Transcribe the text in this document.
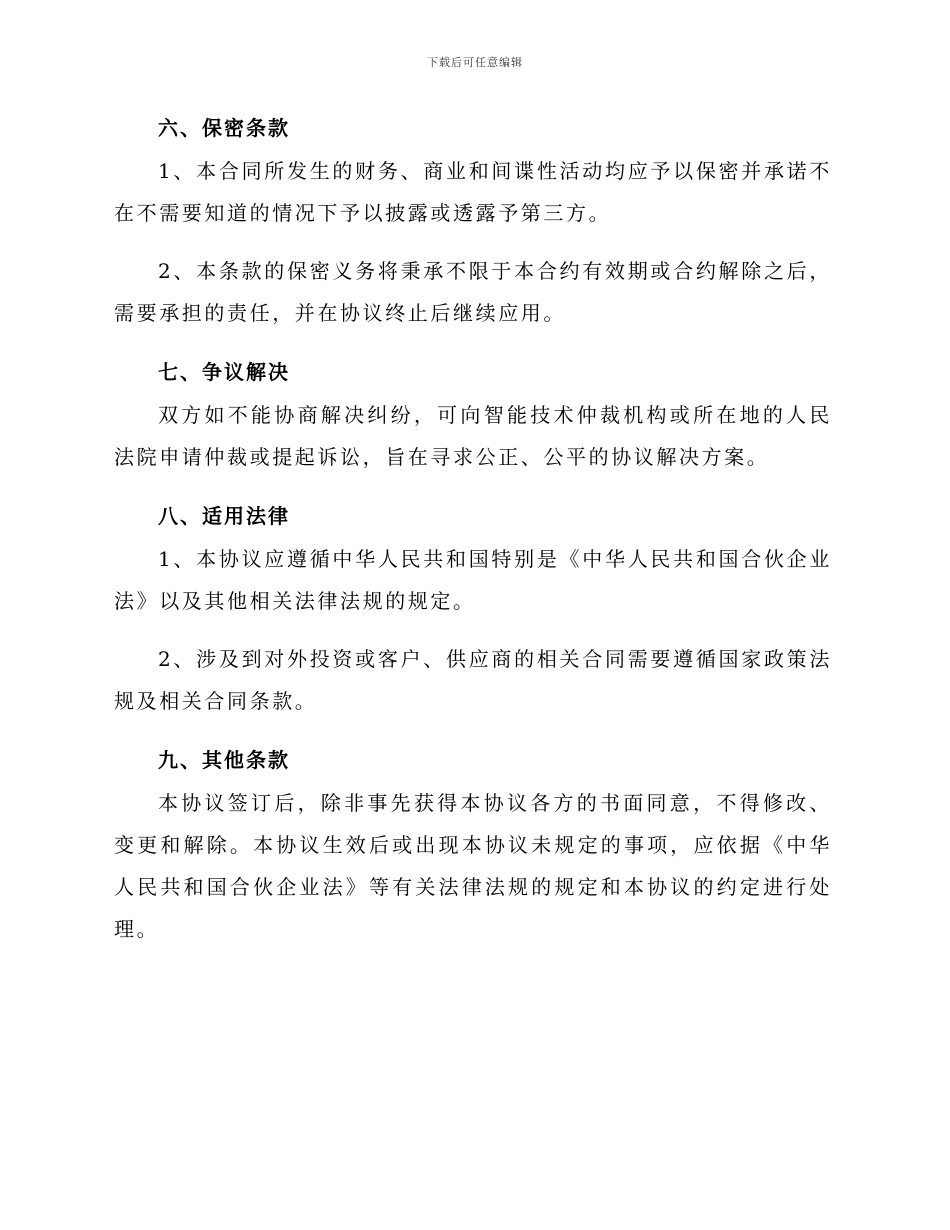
下载后可任意编辑
六、保密条款

1、本合同所发生的财务、商业和间谍性活动均应予以保密并承诺不在不需要知道的情况下予以披露或透露予第三方。

2、本条款的保密义务将秉承不限于本合约有效期或合约解除之后，需要承担的责任，并在协议终止后继续应用。

七、争议解决

双方如不能协商解决纠纷，可向智能技术仲裁机构或所在地的人民法院申请仲裁或提起诉讼，旨在寻求公正、公平的协议解决方案。

八、适用法律

1、本协议应遵循中华人民共和国特别是《中华人民共和国合伙企业法》以及其他相关法律法规的规定。

2、涉及到对外投资或客户、供应商的相关合同需要遵循国家政策法规及相关合同条款。

九、其他条款

本协议签订后，除非事先获得本协议各方的书面同意，不得修改、变更和解除。本协议生效后或出现本协议未规定的事项，应依据《中华人民共和国合伙企业法》等有关法律法规的规定和本协议的约定进行处理。
